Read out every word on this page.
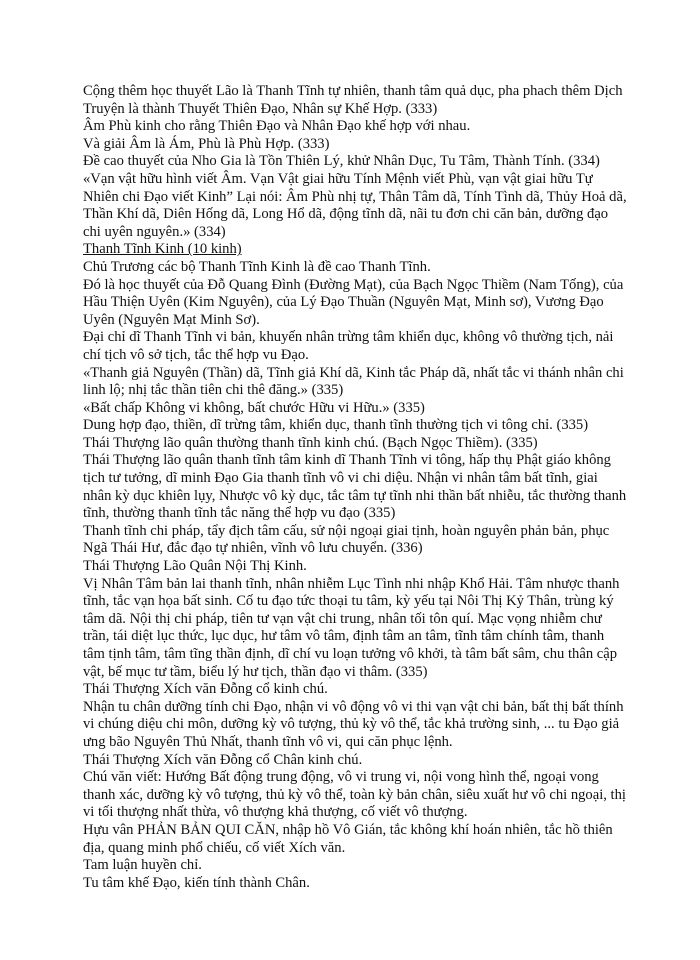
Cộng thêm học thuyết Lão là Thanh Tĩnh tự nhiên, thanh tâm quả dục, pha phach thêm Dịch Truyện là thành Thuyết Thiên Đạo, Nhân sự Khế Hợp. (333)

Âm Phù kinh cho rằng Thiên Đạo và Nhân Đạo khế hợp với nhau.

Và giải Âm là Ám, Phù là Phù Hợp. (333)

Đề cao thuyết của Nho Gia là Tồn Thiên Lý, khử Nhân Dục, Tu Tâm, Thành Tính. (334)

«Vạn vật hữu hình viết Âm. Vạn Vật giai hữu Tính Mệnh viết Phù, vạn vật giai hữu Tự Nhiên chi Đạo viết Kinh” Lại nói: Âm Phù nhị tự, Thân Tâm dã, Tính Tình dã, Thủy Hoả dã, Thần Khí dã, Diên Hống dã, Long Hổ dã, động tĩnh dã, nãi tu đơn chi căn bản, dưỡng đạo chi uyên nguyên.» (334)

Thanh Tĩnh Kinh (10 kinh)

Chủ Trương các bộ Thanh Tĩnh Kinh là đề cao Thanh Tĩnh.

Đó là học thuyết của Đỗ Quang Đình (Đường Mạt), của Bạch Ngọc Thiềm (Nam Tống), của Hầu Thiện Uyên (Kim Nguyên), của Lý Đạo Thuần (Nguyên Mạt, Minh sơ), Vương Đạo Uyên (Nguyên Mạt Minh Sơ).

Đại chỉ dĩ Thanh Tĩnh vi bản, khuyến nhân trừng tâm khiển dục, không vô thường tịch, nải chí tịch vô sở tịch, tắc thể hợp vu Đạo.

«Thanh giả Nguyên (Thần) dã, Tĩnh giả Khí dã, Kinh tắc Pháp dã, nhất tắc vi thánh nhân chi linh lộ; nhị tắc thần tiên chi thê đăng.» (335)

«Bất chấp Không vi không, bất chước Hữu vi Hữu.» (335)

Dung hợp đạo, thiền, dĩ trừng tâm, khiển dục, thanh tĩnh thường tịch vi tông chỉ. (335)

Thái Thượng lão quân thường thanh tĩnh kinh chú. (Bạch Ngọc Thiềm). (335)

Thái Thượng lão quân thanh tĩnh tâm kinh dĩ Thanh Tĩnh vi tông, hấp thụ Phật giáo không tịch tư tưởng, dĩ minh Đạo Gia thanh tĩnh vô vi chi diệu. Nhận vi nhân tâm bất tĩnh, giai nhân kỳ dục khiên lụy, Nhược vô kỳ dục, tắc tâm tự tĩnh nhi thần bất nhiễu, tắc thường thanh tĩnh, thường thanh tĩnh tắc năng thể hợp vu đạo (335)

Thanh tĩnh chi pháp, tẩy địch tâm cấu, sử nội ngoại giai tịnh, hoàn nguyên phản bản, phục Ngã Thái Hư, đắc đạo tự nhiên, vĩnh vô lưu chuyển. (336)

Thái Thượng Lão Quân Nội Thị Kinh.

Vị Nhân Tâm bản lai thanh tĩnh, nhân nhiễm Lục Tình nhi nhập Khổ Hải. Tâm nhược thanh tĩnh, tắc vạn họa bất sinh. Cố tu đạo tức thoại tu tâm, kỳ yếu tại Nôi Thị Kỷ Thân, trùng ký tâm dã. Nội thị chi pháp, tiên tư vạn vật chi trung, nhân tối tôn quí. Mạc vọng nhiễm chư trần, tái diệt lục thức, lục dục, hư tâm vô tâm, định tâm an tâm, tĩnh tâm chính tâm, thanh tâm tịnh tâm, tâm tĩng thần định, dĩ chí vu loạn tưởng vô khởi, tà tâm bất sâm, chu thân cập vật, bế mục tư tầm, biểu lý hư tịch, thần đạo vi thâm. (335)

Thái Thượng Xích văn Đỗng cổ kinh chú.

Nhận tu chân dưỡng tính chi Đạo, nhận vi vô động vô vi thi vạn vật chi bản, bất thị bất thính vi chúng diệu chi môn, dưỡng kỳ vô tượng, thủ kỳ vô thể, tắc khả trường sinh, ... tu Đạo giả ưng bão Nguyên Thủ Nhất, thanh tĩnh vô vi, qui căn phục lệnh.

Thái Thượng Xích văn Đỗng cổ Chân kinh chú.

Chú văn viết: Hướng Bất động trung động, vô vi trung vi, nội vong hình thể, ngoại vong thanh xác, dưỡng kỳ vô tượng, thủ kỳ vô thể, toàn kỳ bản chân, siêu xuất hư vô chi ngoại, thị vi tối thượng nhất thừa, vô thượng khả thượng, cố viết vô thượng.

Hựu vân PHẢN BẢN QUI CĂN, nhập hồ Vô Gián, tắc không khí hoán nhiên, tắc hồ thiên địa, quang minh phổ chiếu, cố viết Xích văn.

Tam luận huyền chỉ.

Tu tâm khế Đạo, kiến tính thành Chân.
